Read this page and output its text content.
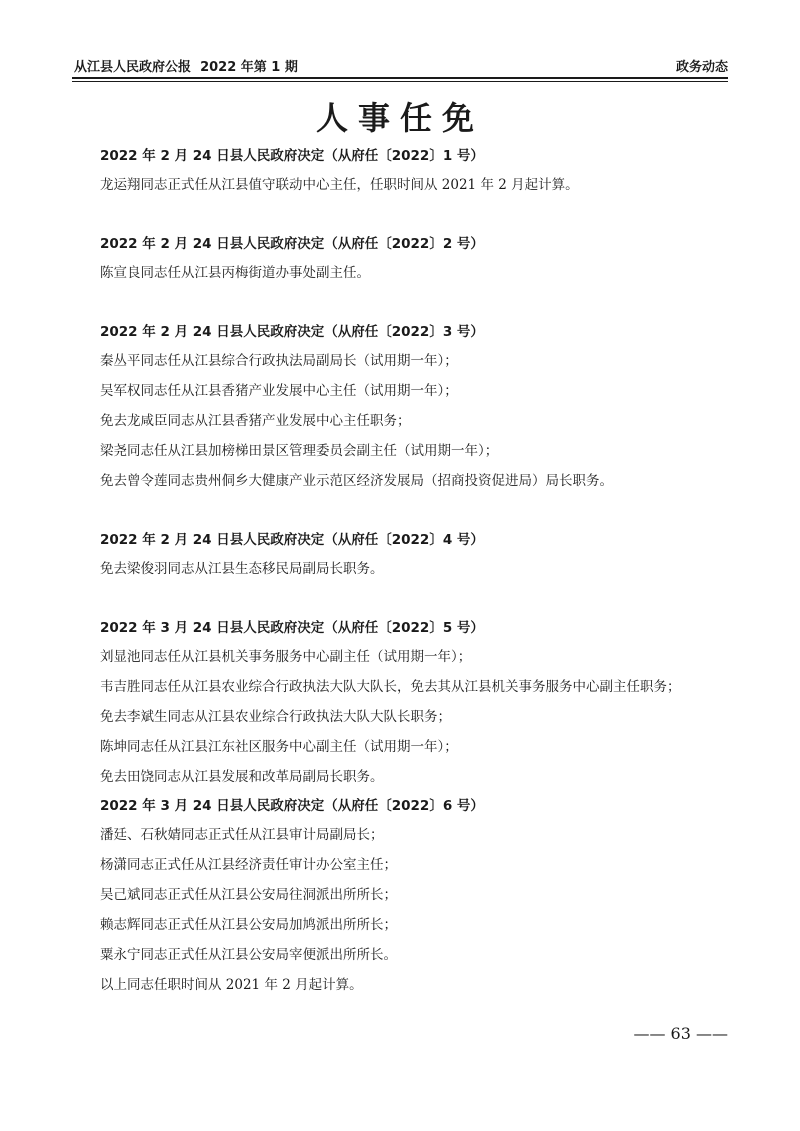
从江县人民政府公报 2022 年第 1 期	政务动态
人事任免
2022 年 2 月 24 日县人民政府决定（从府任〔2022〕1 号）
龙运翔同志正式任从江县值守联动中心主任，任职时间从 2021 年 2 月起计算。
2022 年 2 月 24 日县人民政府决定（从府任〔2022〕2 号）
陈宣良同志任从江县丙梅街道办事处副主任。
2022 年 2 月 24 日县人民政府决定（从府任〔2022〕3 号）
秦丛平同志任从江县综合行政执法局副局长（试用期一年）；
吴军权同志任从江县香猪产业发展中心主任（试用期一年）；
免去龙咸臣同志从江县香猪产业发展中心主任职务；
梁尧同志任从江县加榜梯田景区管理委员会副主任（试用期一年）；
免去曾令莲同志贵州侗乡大健康产业示范区经济发展局（招商投资促进局）局长职务。
2022 年 2 月 24 日县人民政府决定（从府任〔2022〕4 号）
免去梁俊羽同志从江县生态移民局副局长职务。
2022 年 3 月 24 日县人民政府决定（从府任〔2022〕5 号）
刘显池同志任从江县机关事务服务中心副主任（试用期一年）；
韦吉胜同志任从江县农业综合行政执法大队大队长，免去其从江县机关事务服务中心副主任职务；
免去李斌生同志从江县农业综合行政执法大队大队长职务；
陈坤同志任从江县江东社区服务中心副主任（试用期一年）；
免去田饶同志从江县发展和改革局副局长职务。
2022 年 3 月 24 日县人民政府决定（从府任〔2022〕6 号）
潘廷、石秋婧同志正式任从江县审计局副局长；
杨潇同志正式任从江县经济责任审计办公室主任；
吴己斌同志正式任从江县公安局往洞派出所所长；
赖志辉同志正式任从江县公安局加鸠派出所所长；
粟永宁同志正式任从江县公安局宰便派出所所长。
以上同志任职时间从 2021 年 2 月起计算。
—— 63 ——
